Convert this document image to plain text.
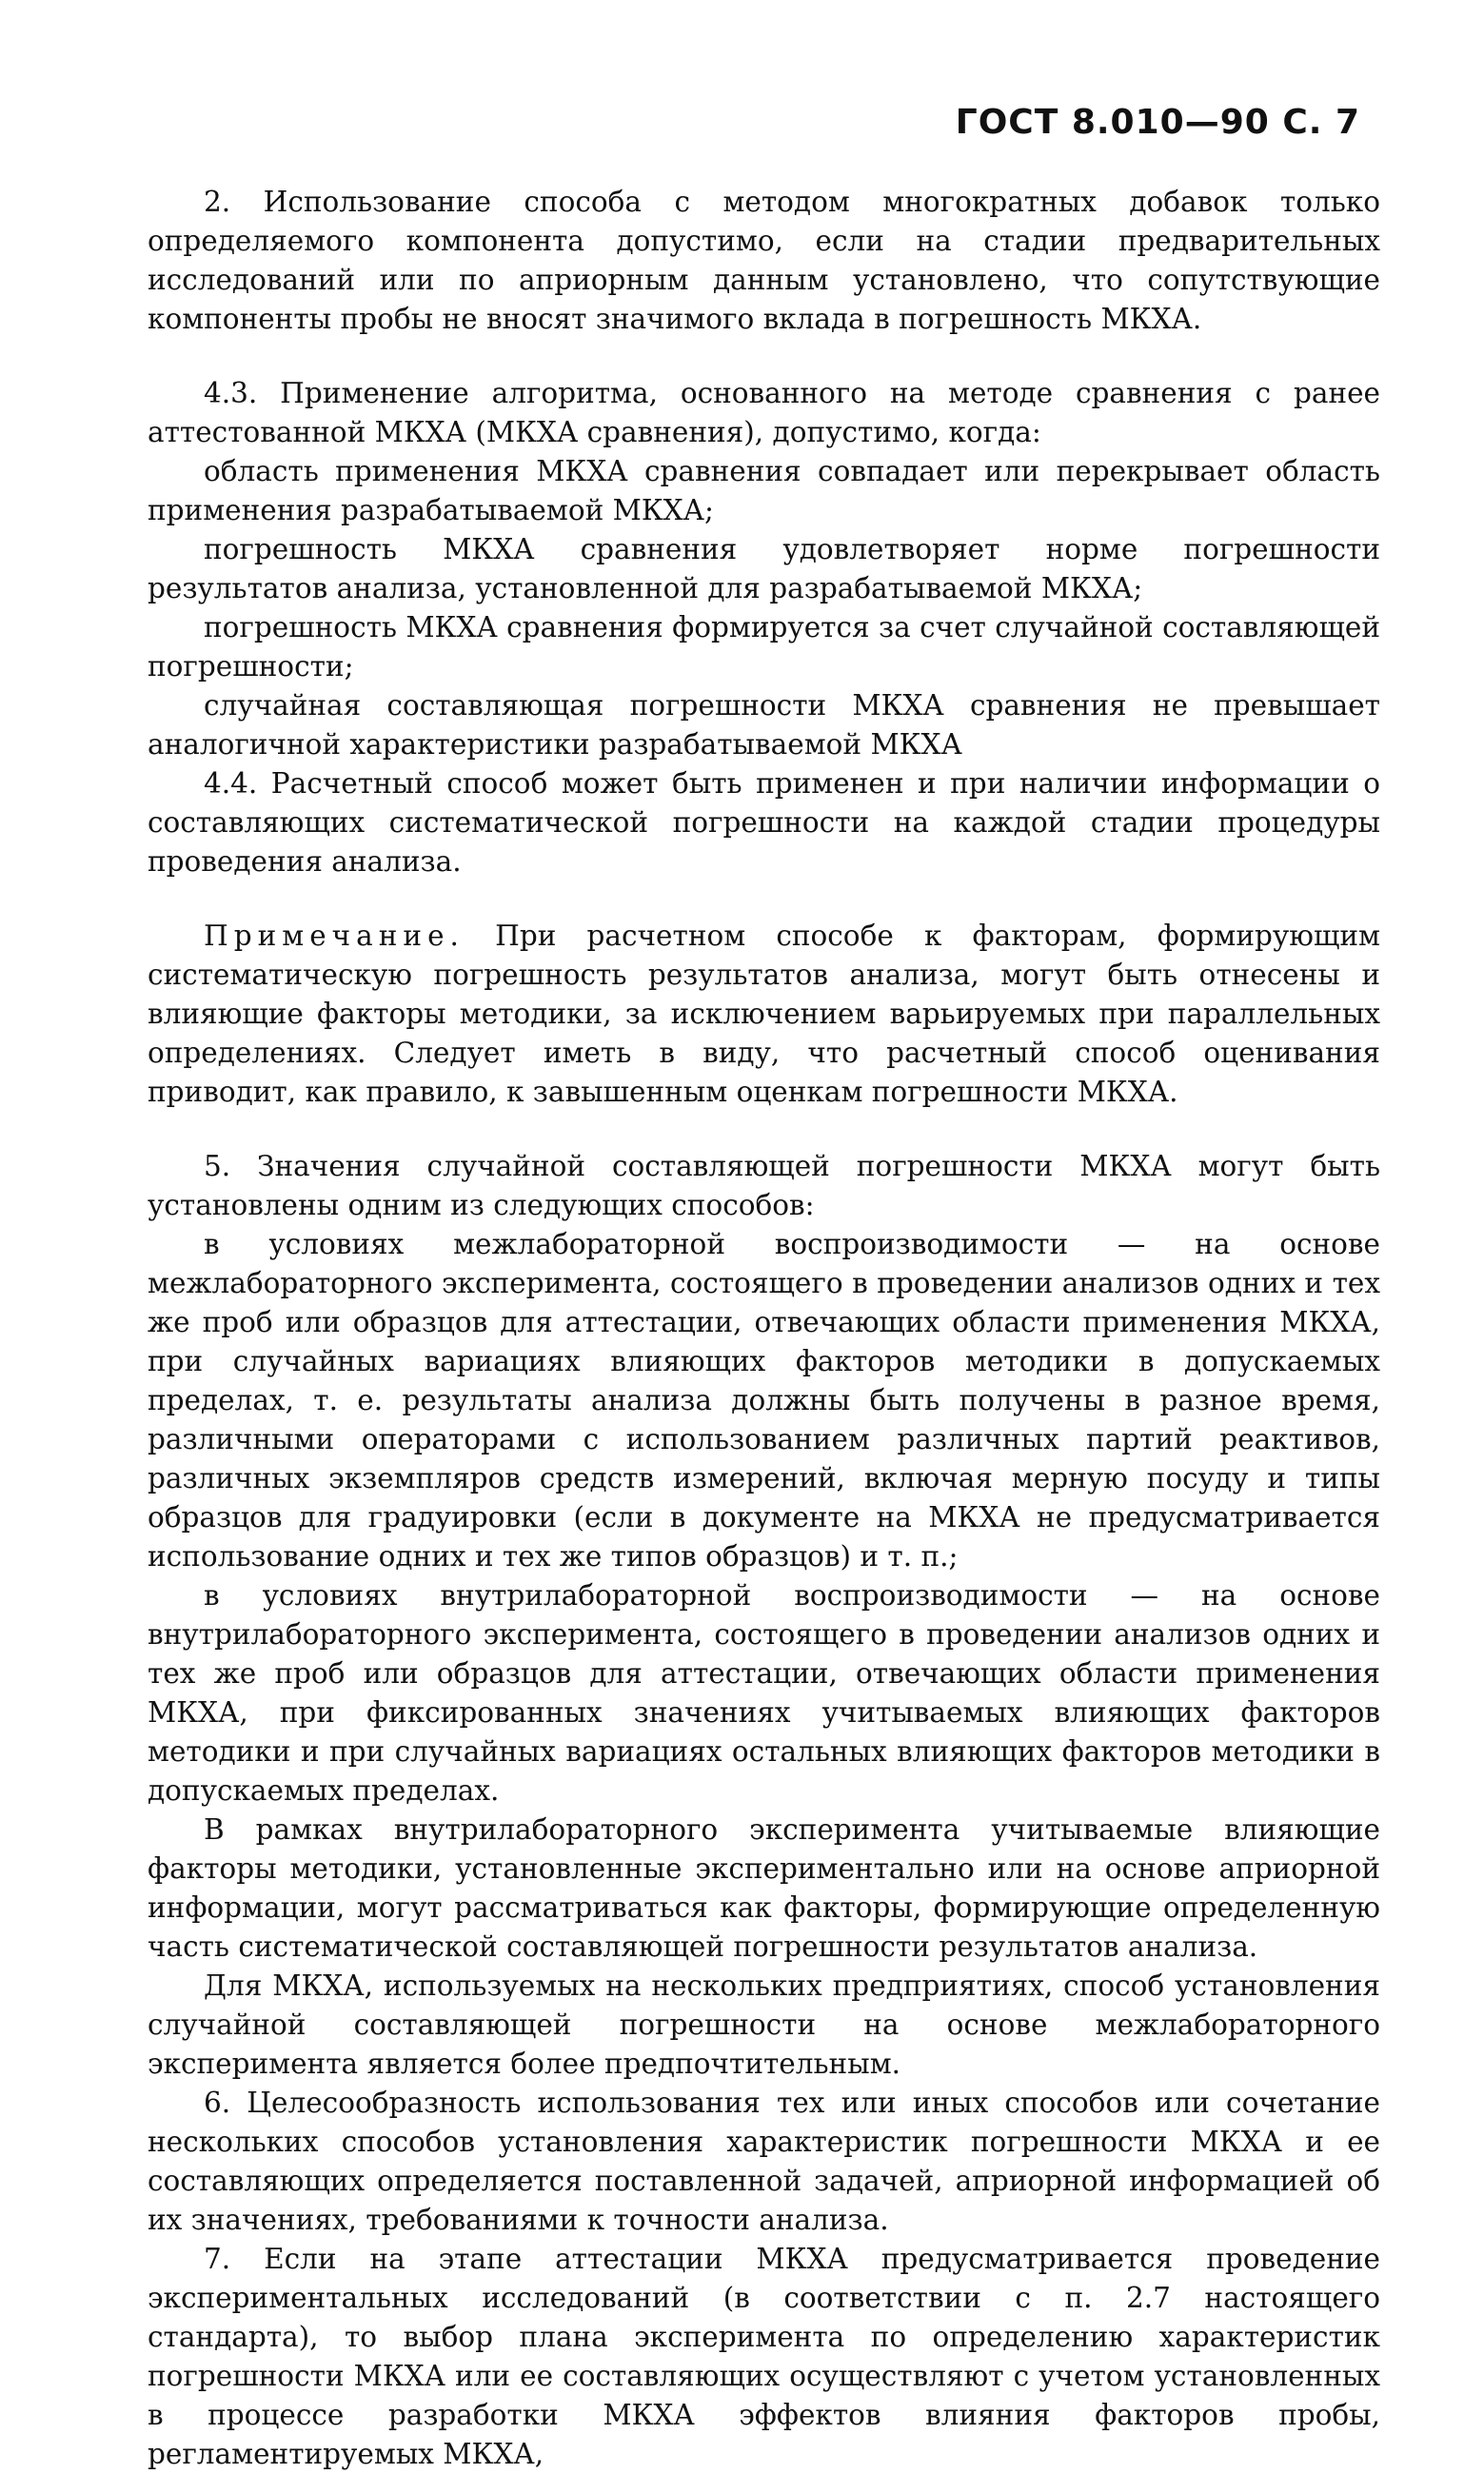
ГОСТ 8.010—90 С. 7

2. Использование способа с методом многократных добавок только определяемого компонента допустимо, если на стадии предварительных исследований или по априорным данным установлено, что сопутствующие компоненты пробы не вносят значимого вклада в погрешность МКХА.

4.3. Применение алгоритма, основанного на методе сравнения с ранее аттестованной МКХА (МКХА сравнения), допустимо, когда:

область применения МКХА сравнения совпадает или перекрывает область применения разрабатываемой МКХА;

погрешность МКХА сравнения удовлетворяет норме погрешности результатов анализа, установленной для разрабатываемой МКХА;

погрешность МКХА сравнения формируется за счет случайной составляющей погрешности;

случайная составляющая погрешности МКХА сравнения не превышает аналогичной характеристики разрабатываемой МКХА

4.4. Расчетный способ может быть применен и при наличии информации о составляющих систематической погрешности на каждой стадии процедуры проведения анализа.

Примечание. При расчетном способе к факторам, формирующим систематическую погрешность результатов анализа, могут быть отнесены и влияющие факторы методики, за исключением варьируемых при параллельных определениях. Следует иметь в виду, что расчетный способ оценивания приводит, как правило, к завышенным оценкам погрешности МКХА.

5. Значения случайной составляющей погрешности МКХА могут быть установлены одним из следующих способов:

в условиях межлабораторной воспроизводимости — на основе межлабораторного эксперимента, состоящего в проведении анализов одних и тех же проб или образцов для аттестации, отвечающих области применения МКХА, при случайных вариациях влияющих факторов методики в допускаемых пределах, т. е. результаты анализа должны быть получены в разное время, различными операторами с использованием различных партий реактивов, различных экземпляров средств измерений, включая мерную посуду и типы образцов для градуировки (если в документе на МКХА не предусматривается использование одних и тех же типов образцов) и т. п.;

в условиях внутрилабораторной воспроизводимости — на основе внутрилабораторного эксперимента, состоящего в проведении анализов одних и тех же проб или образцов для аттестации, отвечающих области применения МКХА, при фиксированных значениях учитываемых влияющих факторов методики и при случайных вариациях остальных влияющих факторов методики в допускаемых пределах.

В рамках внутрилабораторного эксперимента учитываемые влияющие факторы методики, установленные экспериментально или на основе априорной информации, могут рассматриваться как факторы, формирующие определенную часть систематической составляющей погрешности результатов анализа.

Для МКХА, используемых на нескольких предприятиях, способ установления случайной составляющей погрешности на основе межлабораторного эксперимента является более предпочтительным.

6. Целесообразность использования тех или иных способов или сочетание нескольких способов установления характеристик погрешности МКХА и ее составляющих определяется поставленной задачей, априорной информацией об их значениях, требованиями к точности анализа.

7. Если на этапе аттестации МКХА предусматривается проведение экспериментальных исследований (в соответствии с п. 2.7 настоящего стандарта), то выбор плана эксперимента по определению характеристик погрешности МКХА или ее составляющих осуществляют с учетом установленных в процессе разработки МКХА эффектов влияния факторов пробы, регламентируемых МКХА,
